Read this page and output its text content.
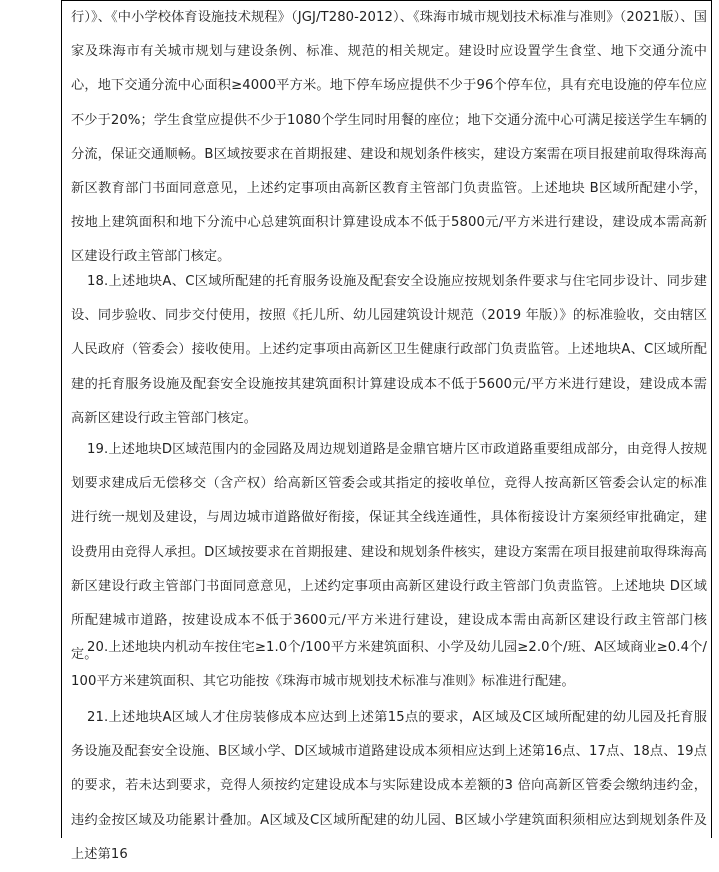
行）》、《中小学校体育设施技术规程》（JGJ/T280-2012）、《珠海市城市规划技术标准与准则》（2021版）、国家及珠海市有关城市规划与建设条例、标准、规范的相关规定。建设时应设置学生食堂、地下交通分流中心，地下交通分流中心面积≥4000平方米。地下停车场应提供不少于96个停车位，具有充电设施的停车位应不少于20%；学生食堂应提供不少于1080个学生同时用餐的座位；地下交通分流中心可满足接送学生车辆的分流，保证交通顺畅。B区域按要求在首期报建、建设和规划条件核实，建设方案需在项目报建前取得珠海高新区教育部门书面同意意见，上述约定事项由高新区教育主管部门负责监管。上述地块 B区域所配建小学，按地上建筑面积和地下分流中心总建筑面积计算建设成本不低于5800元/平方米进行建设，建设成本需高新区建设行政主管部门核定。

18.上述地块A、C区域所配建的托育服务设施及配套安全设施应按规划条件要求与住宅同步设计、同步建设、同步验收、同步交付使用，按照《托儿所、幼儿园建筑设计规范（2019 年版）》的标准验收，交由辖区人民政府（管委会）接收使用。上述约定事项由高新区卫生健康行政部门负责监管。上述地块A、C区域所配建的托育服务设施及配套安全设施按其建筑面积计算建设成本不低于5600元/平方米进行建设，建设成本需高新区建设行政主管部门核定。

19.上述地块D区域范围内的金园路及周边规划道路是金鼎官塘片区市政道路重要组成部分，由竞得人按规划要求建成后无偿移交（含产权）给高新区管委会或其指定的接收单位，竞得人按高新区管委会认定的标准进行统一规划及建设，与周边城市道路做好衔接，保证其全线连通性，具体衔接设计方案须经审批确定，建设费用由竞得人承担。D区域按要求在首期报建、建设和规划条件核实，建设方案需在项目报建前取得珠海高新区建设行政主管部门书面同意意见，上述约定事项由高新区建设行政主管部门负责监管。上述地块 D区域所配建城市道路，按建设成本不低于3600元/平方米进行建设，建设成本需由高新区建设行政主管部门核定。

20.上述地块内机动车按住宅≥1.0个/100平方米建筑面积、小学及幼儿园≥2.0个/班、A区域商业≥0.4个/100平方米建筑面积、其它功能按《珠海市城市规划技术标准与准则》标准进行配建。

21.上述地块A区域人才住房装修成本应达到上述第15点的要求，A区域及C区域所配建的幼儿园及托育服务设施及配套安全设施、B区域小学、D区域城市道路建设成本须相应达到上述第16点、17点、18点、19点的要求，若未达到要求，竞得人须按约定建设成本与实际建设成本差额的3 倍向高新区管委会缴纳违约金，违约金按区域及功能累计叠加。A区域及C区域所配建的幼儿园、B区域小学建筑面积须相应达到规划条件及上述第16
